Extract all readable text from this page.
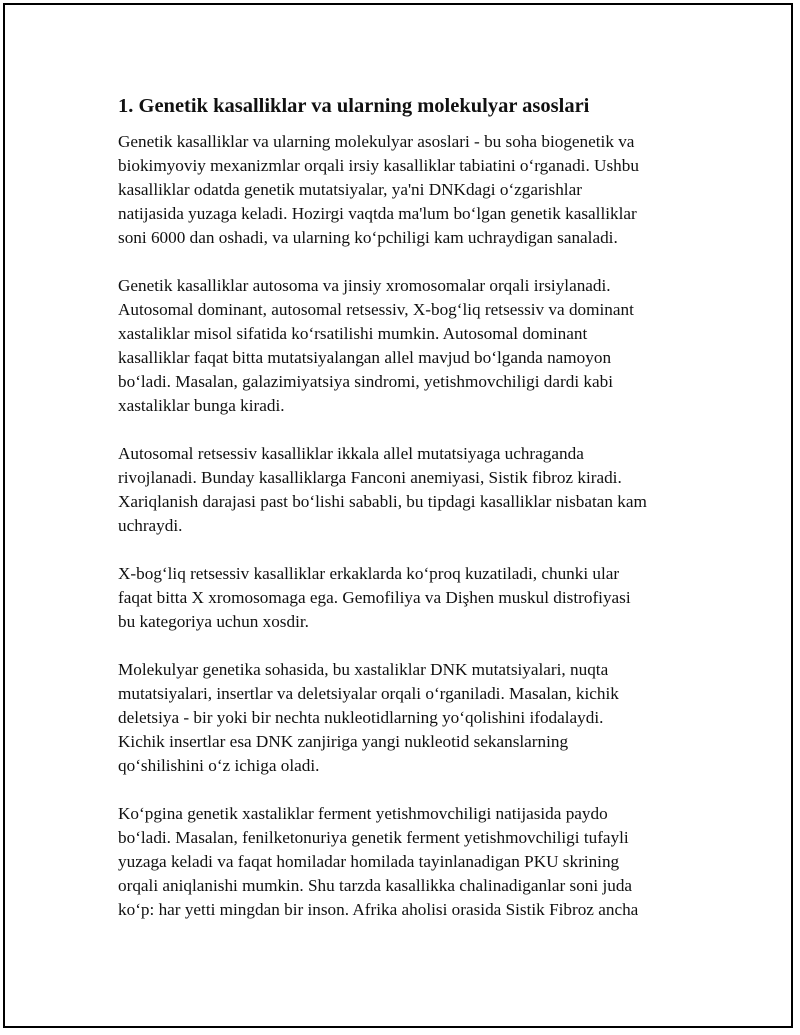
1. Genetik kasalliklar va ularning molekulyar asoslari

Genetik kasalliklar va ularning molekulyar asoslari - bu soha biogenetik va
biokimyoviy mexanizmlar orqali irsiy kasalliklar tabiatini o‘rganadi. Ushbu
kasalliklar odatda genetik mutatsiyalar, ya'ni DNKdagi o‘zgarishlar
natijasida yuzaga keladi. Hozirgi vaqtda ma'lum bo‘lgan genetik kasalliklar
soni 6000 dan oshadi, va ularning ko‘pchiligi kam uchraydigan sanaladi.

Genetik kasalliklar autosoma va jinsiy xromosomalar orqali irsiylanadi.
Autosomal dominant, autosomal retsessiv, X-bog‘liq retsessiv va dominant
xastaliklar misol sifatida ko‘rsatilishi mumkin. Autosomal dominant
kasalliklar faqat bitta mutatsiyalangan allel mavjud bo‘lganda namoyon
bo‘ladi. Masalan, galazimiyatsiya sindromi, yetishmovchiligi dardi kabi
xastaliklar bunga kiradi.

Autosomal retsessiv kasalliklar ikkala allel mutatsiyaga uchraganda
rivojlanadi. Bunday kasalliklarga Fanconi anemiyasi, Sistik fibroz kiradi.
Xariqlanish darajasi past bo‘lishi sababli, bu tipdagi kasalliklar nisbatan kam
uchraydi.

X-bog‘liq retsessiv kasalliklar erkaklarda ko‘proq kuzatiladi, chunki ular
faqat bitta X xromosomaga ega. Gemofiliya va Dişhen muskul distrofiyasi
bu kategoriya uchun xosdir.

Molekulyar genetika sohasida, bu xastaliklar DNK mutatsiyalari, nuqta
mutatsiyalari, insertlar va deletsiyalar orqali o‘rganiladi. Masalan, kichik
deletsiya - bir yoki bir nechta nukleotidlarning yo‘qolishini ifodalaydi.
Kichik insertlar esa DNK zanjiriga yangi nukleotid sekanslarning
qo‘shilishini o‘z ichiga oladi.

Ko‘pgina genetik xastaliklar ferment yetishmovchiligi natijasida paydo
bo‘ladi. Masalan, fenilketonuriya genetik ferment yetishmovchiligi tufayli
yuzaga keladi va faqat homiladar homilada tayinlanadigan PKU skrining
orqali aniqlanishi mumkin. Shu tarzda kasallikka chalinadiganlar soni juda
ko‘p: har yetti mingdan bir inson. Afrika aholisi orasida Sistik Fibroz ancha
